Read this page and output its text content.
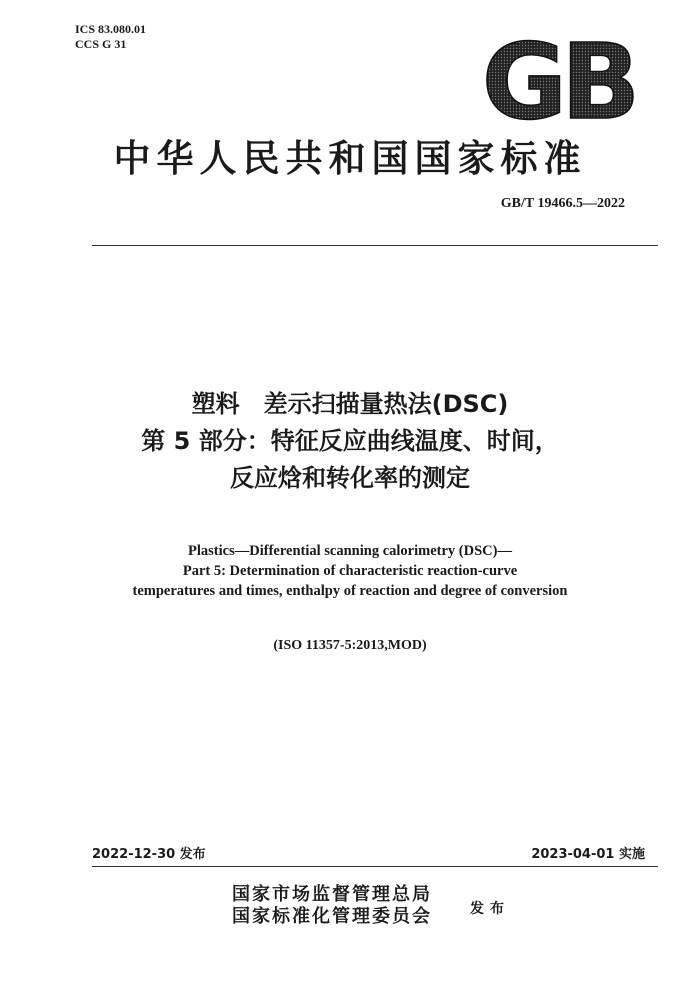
ICS 83.080.01
CCS G 31	GB
中华人民共和国国家标准
GB/T 19466.5—2022
塑料　差示扫描量热法(DSC)
第 5 部分：特征反应曲线温度、时间，
反应焓和转化率的测定
Plastics—Differential scanning calorimetry (DSC)—
Part 5: Determination of characteristic reaction-curve
temperatures and times, enthalpy of reaction and degree of conversion
(ISO 11357-5:2013,MOD)
2022-12-30 发布	2023-04-01 实施
国家市场监督管理总局
国家标准化管理委员会	发布
